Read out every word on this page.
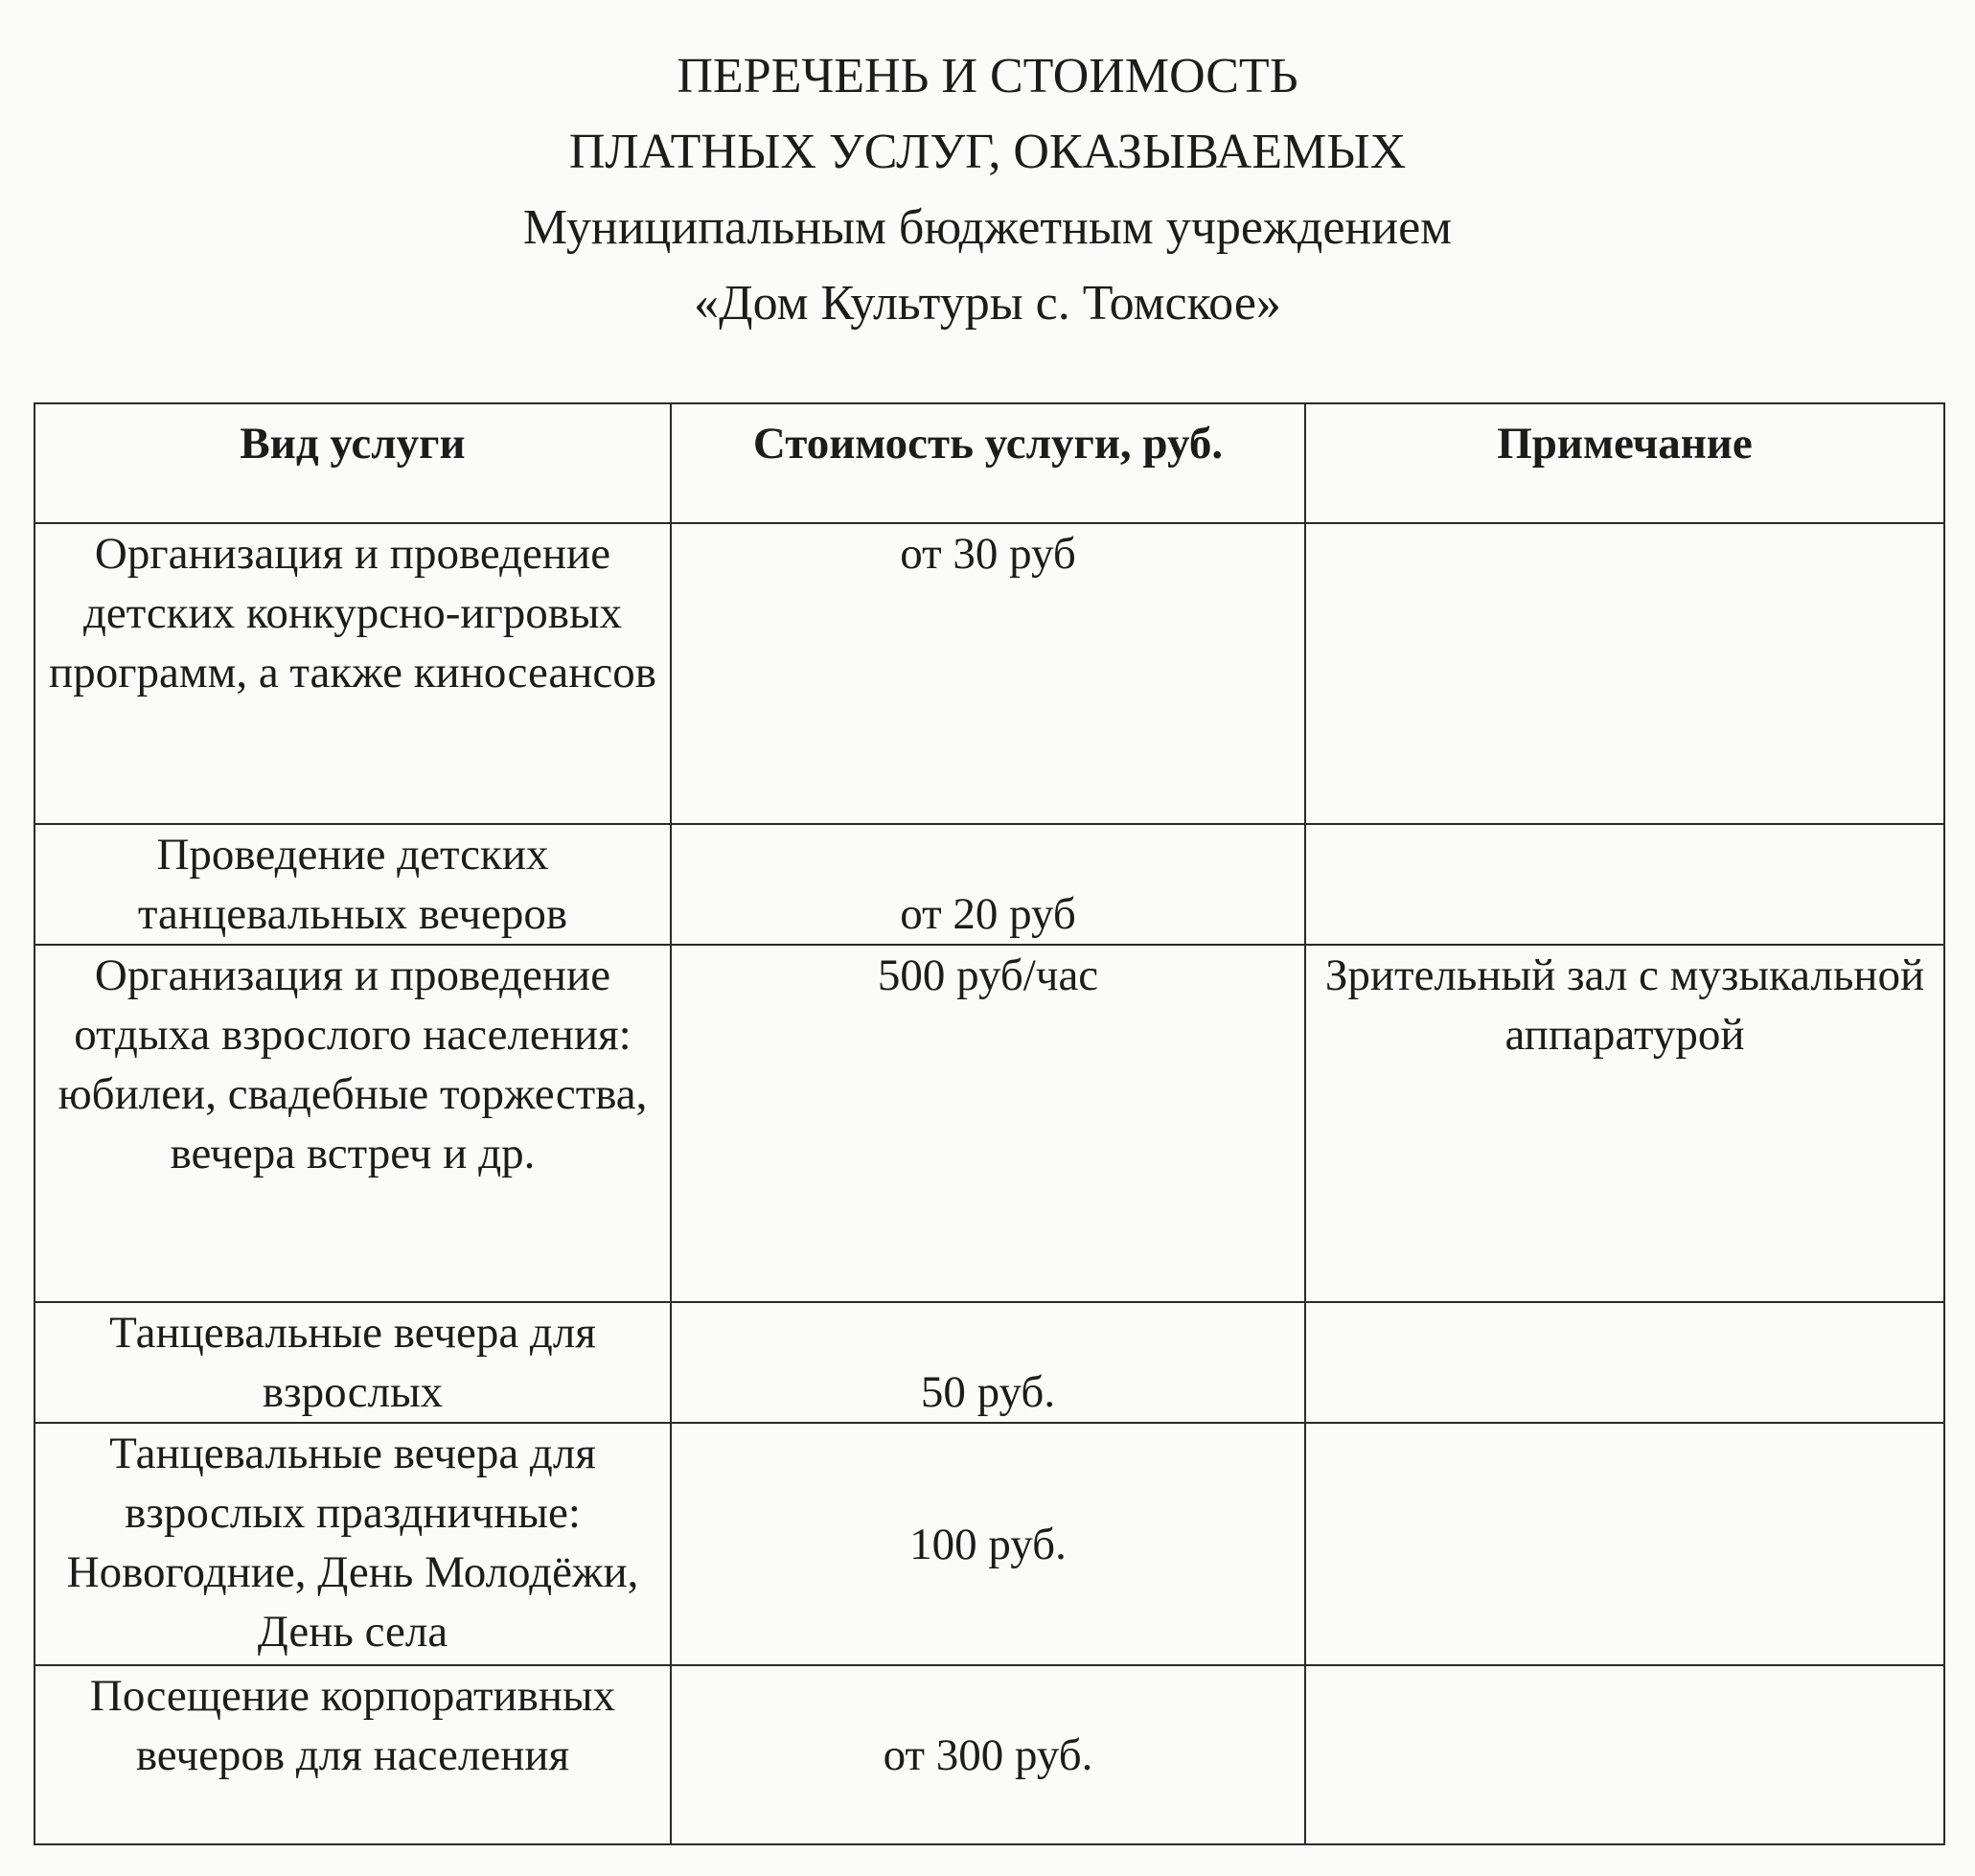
ПЕРЕЧЕНЬ И СТОИМОСТЬ
ПЛАТНЫХ УСЛУГ, ОКАЗЫВАЕМЫХ
Муниципальным бюджетным учреждением
«Дом Культуры с. Томское»
Вид услуги	Стоимость услуги, руб.	Примечание
Организация и проведение детских конкурсно-игровых программ, а также киносеансов	от 30 руб	
Проведение детских танцевальных вечеров	от 20 руб	
Организация и проведение отдыха взрослого населения: юбилеи, свадебные торжества, вечера встреч и др.	500 руб/час	Зрительный зал с музыкальной аппаратурой
Танцевальные вечера для взрослых	50 руб.	
Танцевальные вечера для взрослых праздничные: Новогодние, День Молодёжи, День села	100 руб.	
Посещение корпоративных вечеров для населения	от 300 руб.	
